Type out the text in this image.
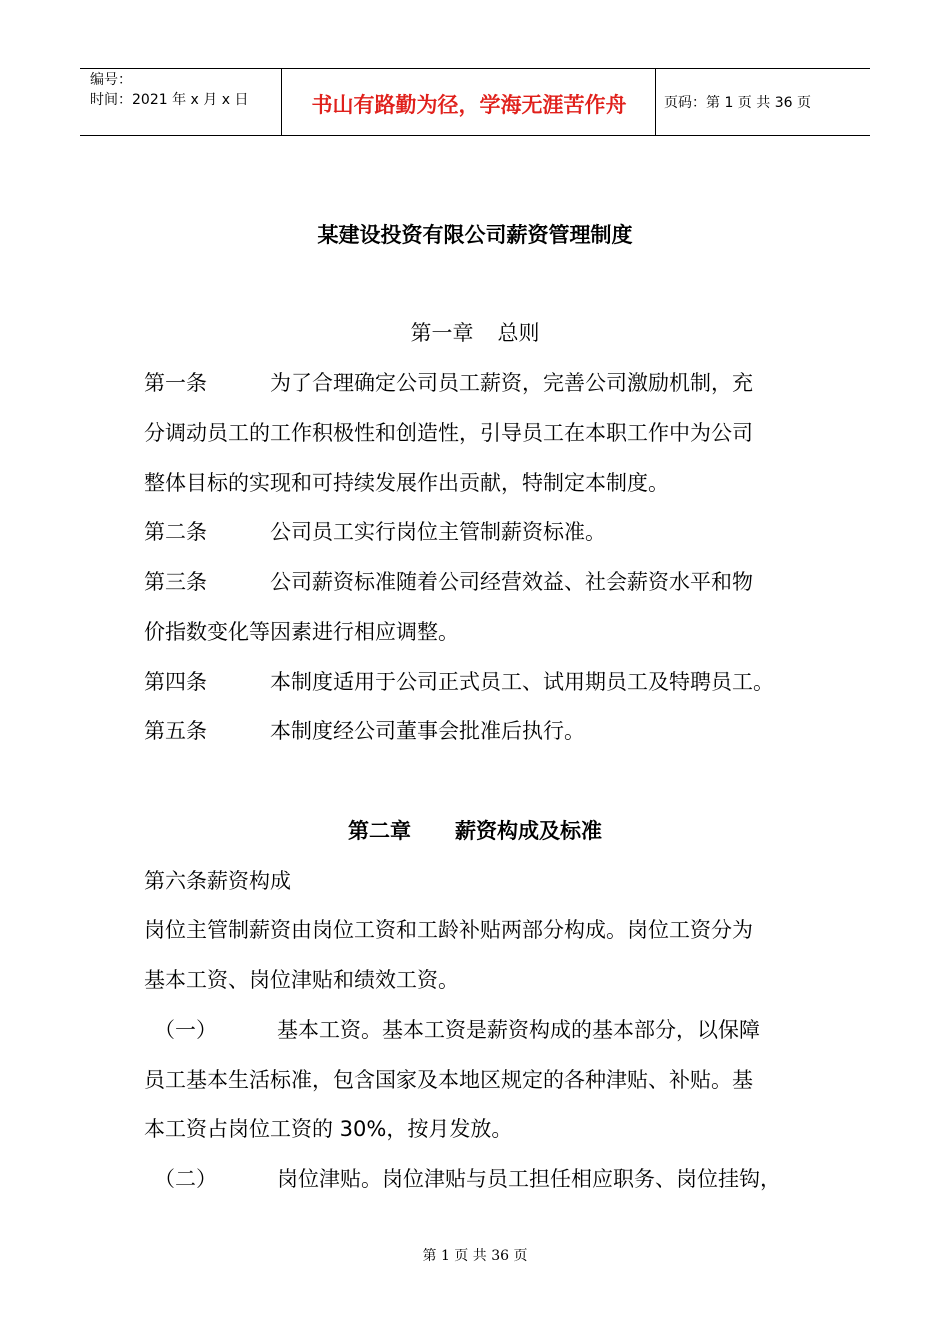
编号：
时间：2021 年 x 月 x 日	书山有路勤为径，学海无涯苦作舟	页码：第 1 页 共 36 页
某建设投资有限公司薪资管理制度
第一章 总则
第一条	为了合理确定公司员工薪资，完善公司激励机制，充
分调动员工的工作积极性和创造性，引导员工在本职工作中为公司
整体目标的实现和可持续发展作出贡献，特制定本制度。
第二条	公司员工实行岗位主管制薪资标准。
第三条	公司薪资标准随着公司经营效益、社会薪资水平和物
价指数变化等因素进行相应调整。
第四条	本制度适用于公司正式员工、试用期员工及特聘员工。
第五条	本制度经公司董事会批准后执行。
第二章 薪资构成及标准
第六条薪资构成
岗位主管制薪资由岗位工资和工龄补贴两部分构成。岗位工资分为
基本工资、岗位津贴和绩效工资。
（一）	基本工资。基本工资是薪资构成的基本部分，以保障
员工基本生活标准，包含国家及本地区规定的各种津贴、补贴。基
本工资占岗位工资的 30%，按月发放。
（二）	岗位津贴。岗位津贴与员工担任相应职务、岗位挂钩，
第 1 页 共 36 页
